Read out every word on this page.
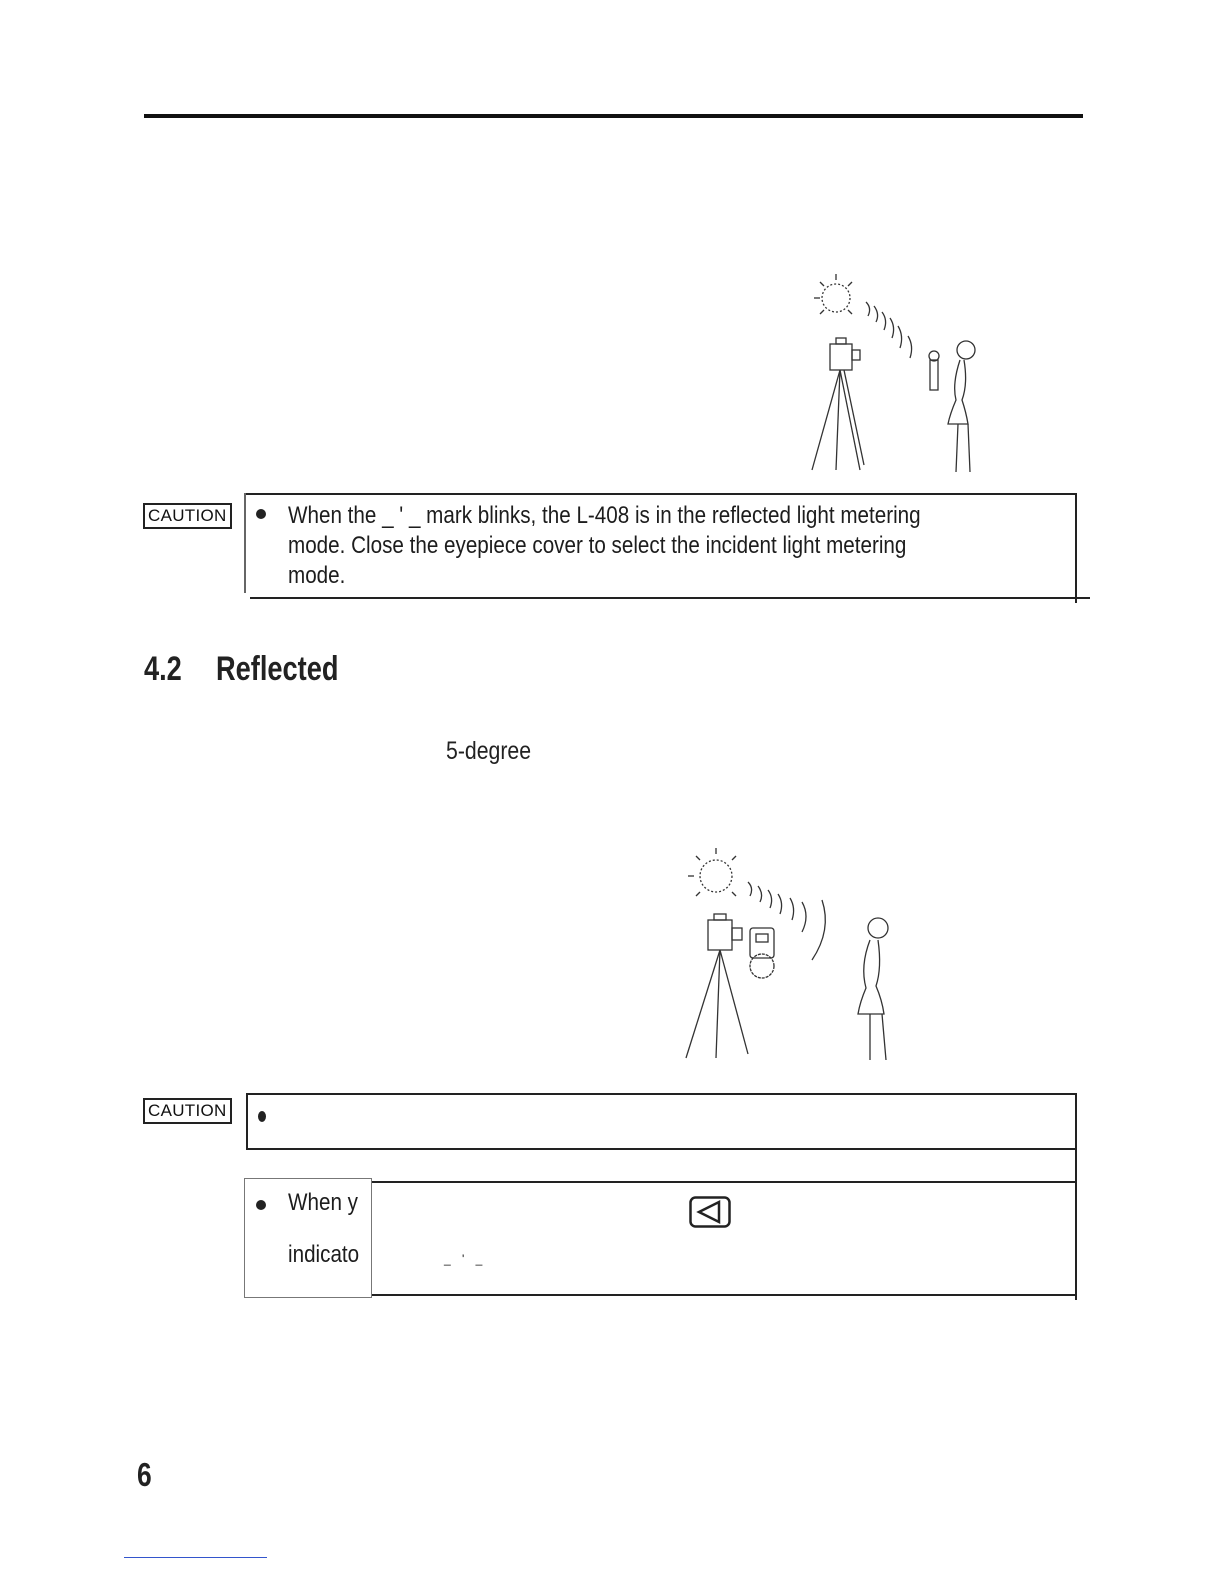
CAUTION	When the _ ' _ mark blinks, the L-408 is in the reflected light metering
mode. Close the eyepiece cover to select the incident light metering
mode.
4.2 Reflected
5-degree
CAUTION
When y
indicato	_ ' _
6
